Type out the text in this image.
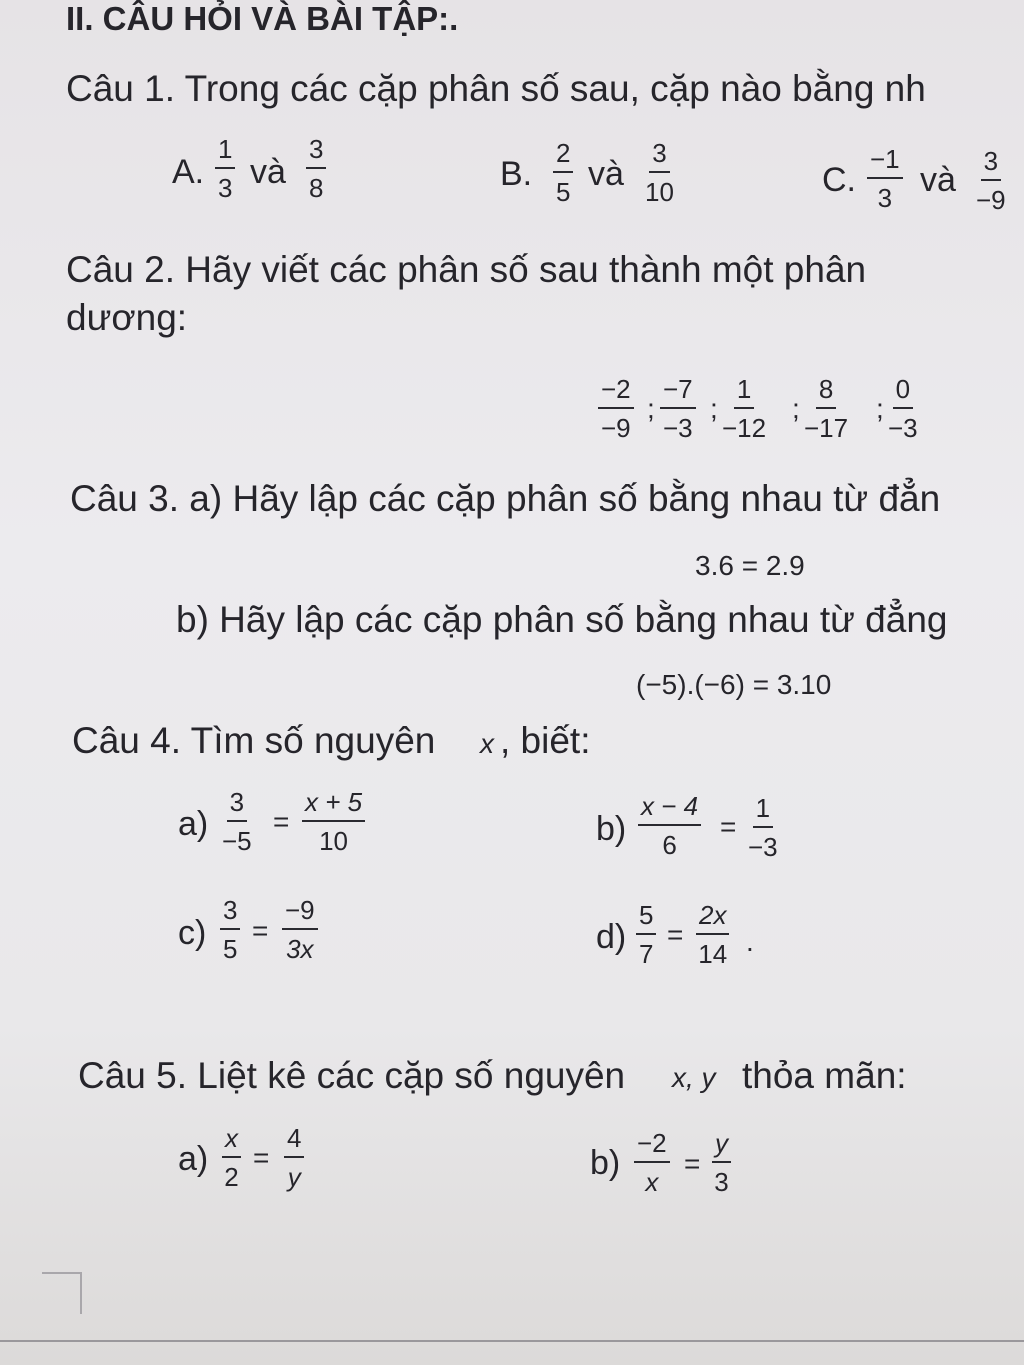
II. CÂU HỎI VÀ BÀI TẬP:.
Câu 1. Trong các cặp phân số sau, cặp nào bằng nh
A. $\frac{1}{3}$ và $\frac{3}{8}$	B. $\frac{2}{5}$ và $\frac{3}{10}$	C. $\frac{-1}{3}$ và $\frac{3}{-9}$
Câu 2. Hãy viết các phân số sau thành một phân
dương:
$\frac{-2}{-9}$ ; $\frac{-7}{-3}$ ; $\frac{1}{-12}$ ; $\frac{8}{-17}$ ; $\frac{0}{-3}$
Câu 3. a) Hãy lập các cặp phân số bằng nhau từ đẳn
3.6 = 2.9
b) Hãy lập các cặp phân số bằng nhau từ đẳng
(−5).(−6) = 3.10
Câu 4. Tìm số nguyên x , biết:
$a) \frac{3}{-5} = \frac{x + 5}{10}$	$b) \frac{x - 4}{6} = \frac{1}{-3}$
$c) \frac{3}{5} = \frac{-9}{3x}$	$d) \frac{5}{7} = \frac{2x}{14}$ .
Câu 5. Liệt kê các cặp số nguyên x, y thỏa mãn:
$a) \frac{x}{2} = \frac{4}{y}$	$b) \frac{-2}{x} = \frac{y}{3}$
